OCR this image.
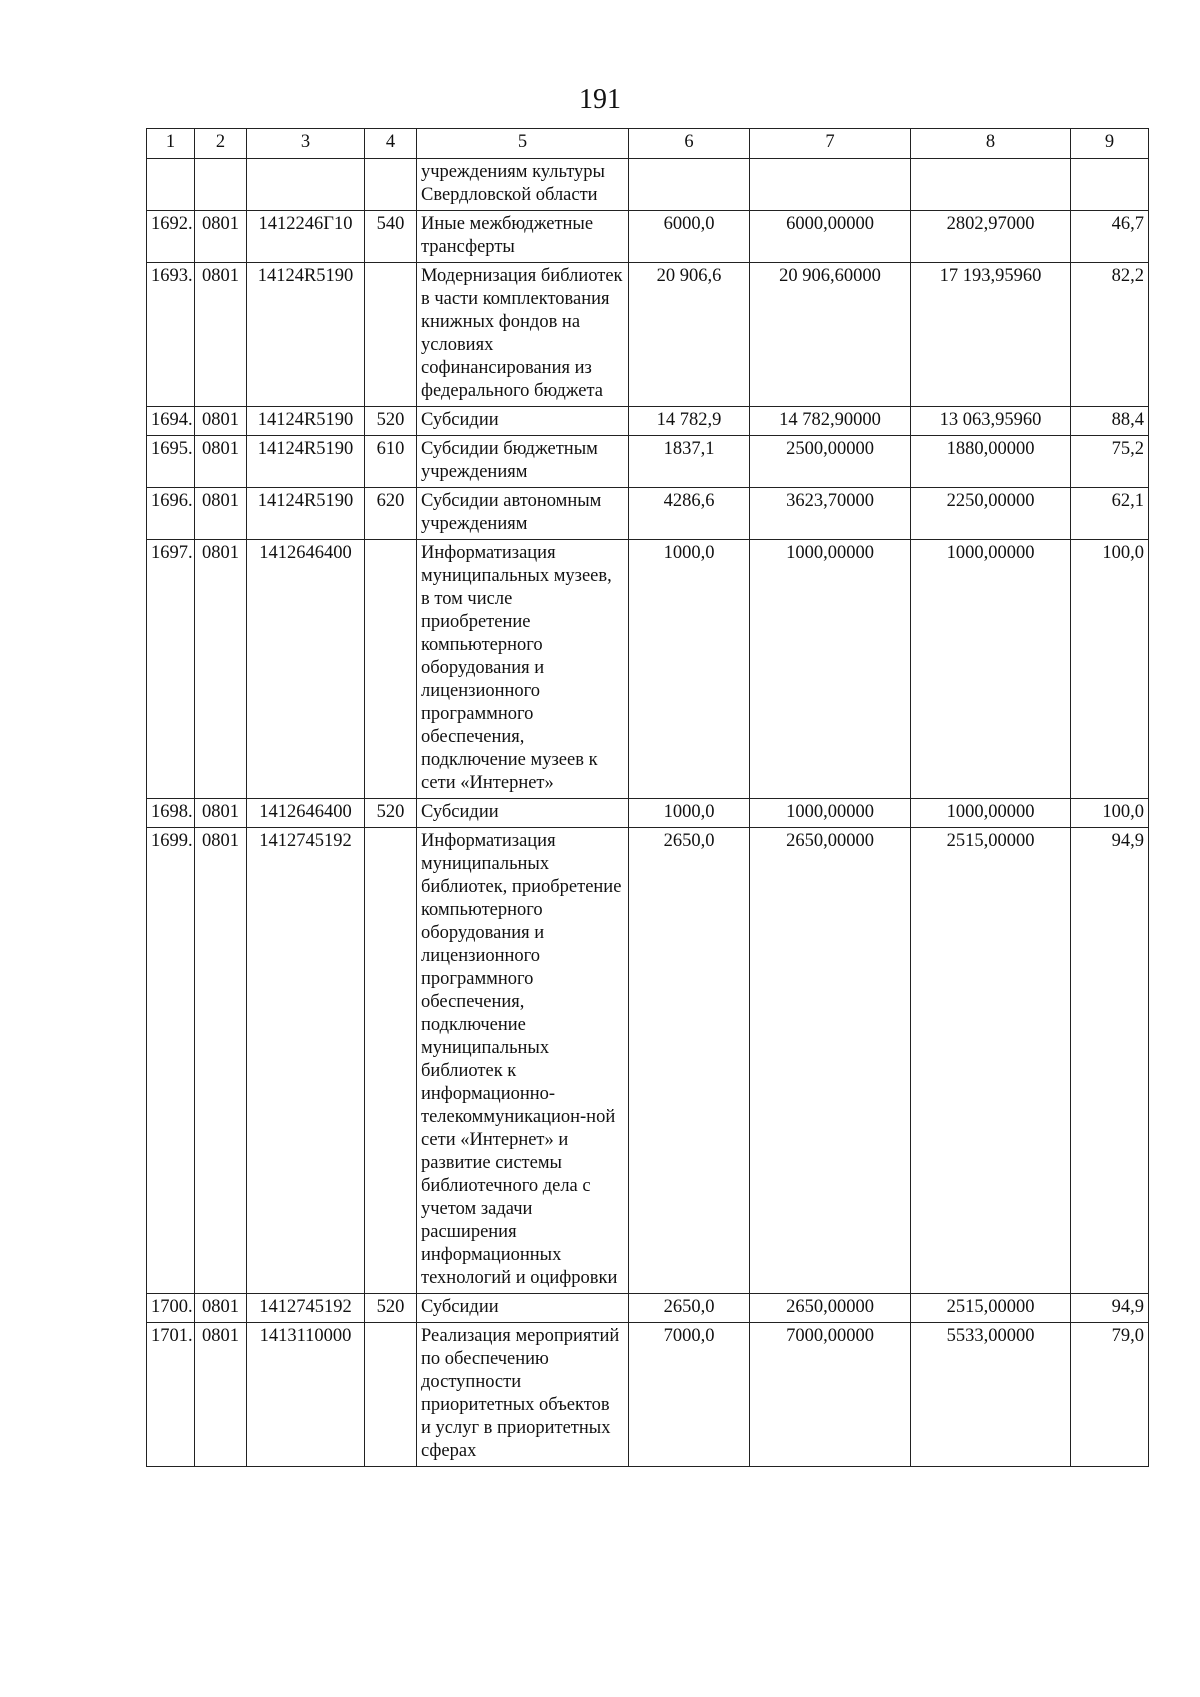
191
1	2	3	4	5	6	7	8	9
				учреждениям культуры Свердловской области				
1692.	0801	1412246Г10	540	Иные межбюджетные трансферты	6000,0	6000,00000	2802,97000	46,7
1693.	0801	14124R5190		Модернизация библиотек в части комплектования книжных фондов на условиях софинансирования из федерального бюджета	20 906,6	20 906,60000	17 193,95960	82,2
1694.	0801	14124R5190	520	Субсидии	14 782,9	14 782,90000	13 063,95960	88,4
1695.	0801	14124R5190	610	Субсидии бюджетным учреждениям	1837,1	2500,00000	1880,00000	75,2
1696.	0801	14124R5190	620	Субсидии автономным учреждениям	4286,6	3623,70000	2250,00000	62,1
1697.	0801	1412646400		Информатизация муниципальных музеев, в том числе приобретение компьютерного оборудования и лицензионного программного обеспечения, подключение музеев к сети «Интернет»	1000,0	1000,00000	1000,00000	100,0
1698.	0801	1412646400	520	Субсидии	1000,0	1000,00000	1000,00000	100,0
1699.	0801	1412745192		Информатизация муниципальных библиотек, приобретение компьютерного оборудования и лицензионного программного обеспечения, подключение муниципальных библиотек к информационно-телекоммуникацион-ной сети «Интернет» и развитие системы библиотечного дела с учетом задачи расширения информационных технологий и оцифровки	2650,0	2650,00000	2515,00000	94,9
1700.	0801	1412745192	520	Субсидии	2650,0	2650,00000	2515,00000	94,9
1701.	0801	1413110000		Реализация мероприятий по обеспечению доступности приоритетных объектов и услуг в приоритетных сферах	7000,0	7000,00000	5533,00000	79,0
